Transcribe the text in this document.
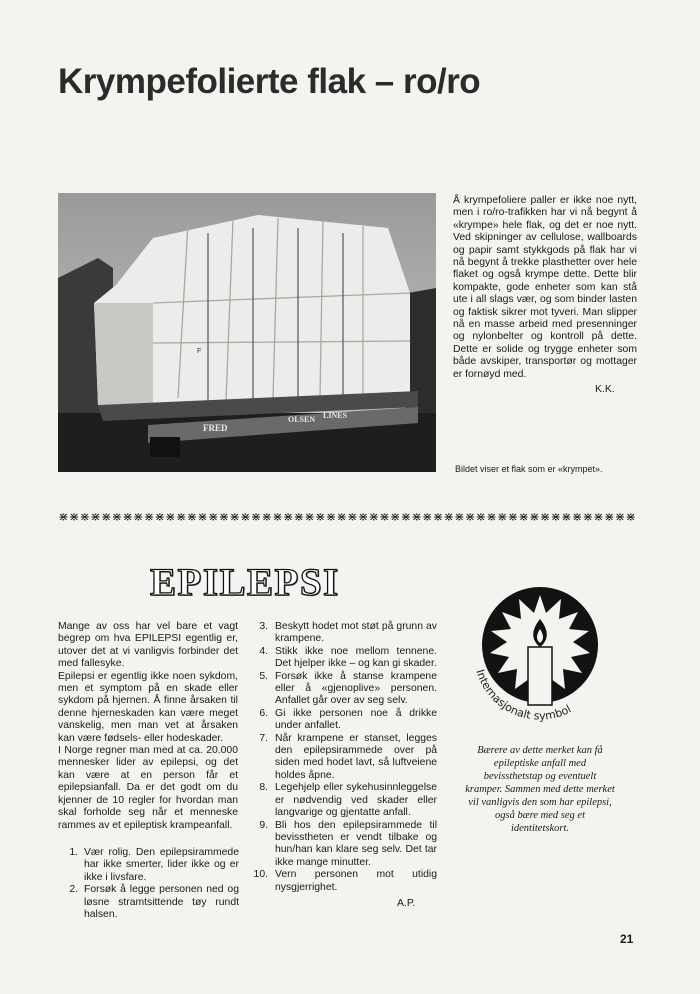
Krympefolierte flak – ro/ro
FRED
OLSEN LINES
F

Å krympefoliere paller er ikke noe nytt, men i ro/ro-trafikken har vi nå begynt å «krympe» hele flak, og det er noe nytt. Ved skipninger av cellulose, wallboards og papir samt stykkgods på flak har vi nå begynt å trekke plasthetter over hele flaket og også krympe dette. Dette blir kompakte, gode enheter som kan stå ute i all slags vær, og som binder lasten og faktisk sikrer mot tyveri. Man slipper nå en masse arbeid med presenninger og nylonbelter og kontroll på dette. Dette er solide og trygge enheter som både avskiper, transportør og mottager er fornøyd med.

K.K.
Bildet viser et flak som er «krympet».
⋇⋇⋇⋇⋇⋇⋇⋇⋇⋇⋇⋇⋇⋇⋇⋇⋇⋇⋇⋇⋇⋇⋇⋇⋇⋇⋇⋇⋇⋇⋇⋇⋇⋇⋇⋇⋇⋇⋇⋇⋇⋇⋇⋇⋇⋇⋇⋇⋇⋇⋇⋇⋇⋇
EPILEPSI

Mange av oss har vel bare et vagt begrep om hva EPILEPSI egentlig er, utover det at vi vanligvis forbinder det med fallesyke.

Epilepsi er egentlig ikke noen sykdom, men et symptom på en skade eller sykdom på hjernen. Å finne årsaken til denne hjerneskaden kan være meget vanskelig, men man vet at årsaken kan være fødsels- eller hodeskader.

I Norge regner man med at ca. 20.000 mennesker lider av epilepsi, og det kan være at en person får et epilepsianfall. Da er det godt om du kjenner de 10 regler for hvordan man skal forholde seg når et menneske rammes av et epileptisk krampeanfall.

1. Vær rolig. Den epilepsirammede har ikke smerter, lider ikke og er ikke i livsfare.
2. Forsøk å legge personen ned og løsne stramtsittende tøy rundt halsen.
3. Beskytt hodet mot støt på grunn av krampene.
4. Stikk ikke noe mellom tennene. Det hjelper ikke – og kan gi skader.
5. Forsøk ikke å stanse krampene eller å «gjenoplive» personen. Anfallet går over av seg selv.
6. Gi ikke personen noe å drikke under anfallet.
7. Når krampene er stanset, legges den epilepsirammede over på siden med hodet lavt, så luftveiene holdes åpne.
8. Legehjelp eller sykehusinnleggelse er nødvendig ved skader eller langvarige og gjentatte anfall.
9. Bli hos den epilepsirammede til bevisstheten er vendt tilbake og hun/han kan klare seg selv. Det tar ikke mange minutter.
10. Vern personen mot utidig nysgjerrighet.
A.P.
Internasjonalt symbol

Bærere av dette merket kan få epileptiske anfall med bevissthetstap og eventuelt kramper. Sammen med dette merket vil vanligvis den som har epilepsi, også bære med seg et identitetskort.

21
